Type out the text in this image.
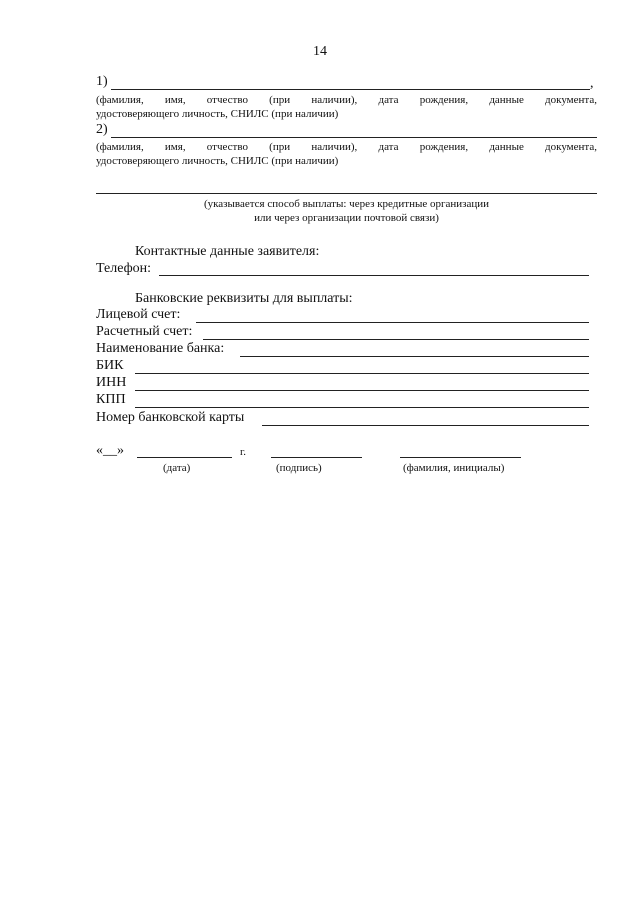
14
1)	,
(фамилия, имя, отчество (при наличии), дата рождения, данные документа,
удостоверяющего личность, СНИЛС (при наличии)
2)
(фамилия, имя, отчество (при наличии), дата рождения, данные документа,
удостоверяющего личность, СНИЛС (при наличии)
(указывается способ выплаты: через кредитные организации
или через организации почтовой связи)
Контактные данные заявителя:
Телефон:
Банковские реквизиты для выплаты:
Лицевой счет:
Расчетный счет:
Наименование банка:
БИК
ИНН
КПП
Номер банковской карты
«__»	г.
(дата)	(подпись)	(фамилия, инициалы)
